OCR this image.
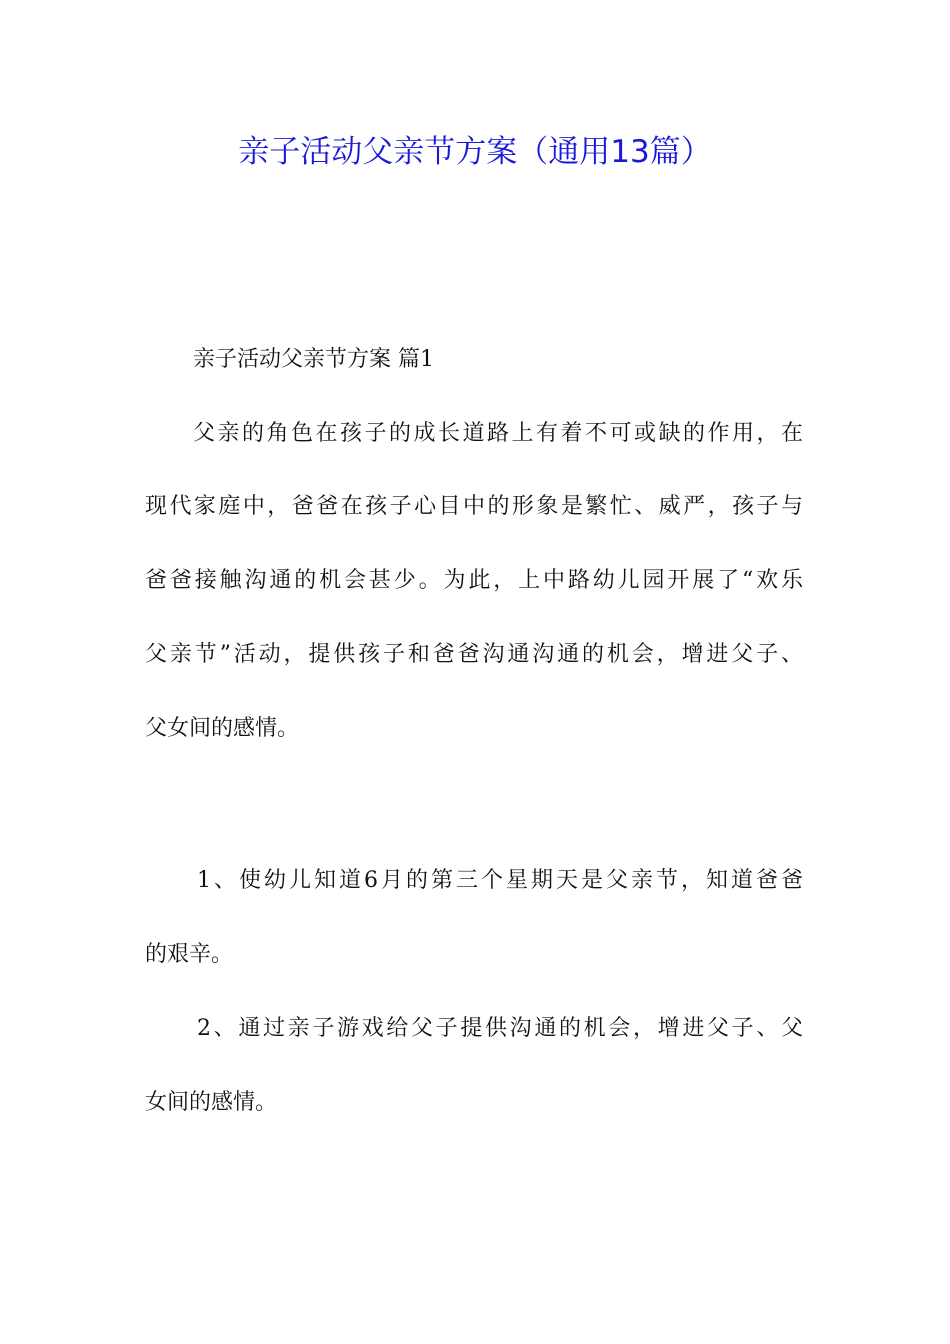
亲子活动父亲节方案（通用13篇）
亲子活动父亲节方案 篇1
父亲的角色在孩子的成长道路上有着不可或缺的作用，在
现代家庭中，爸爸在孩子心目中的形象是繁忙、威严，孩子与
爸爸接触沟通的机会甚少。为此，上中路幼儿园开展了“欢乐
父亲节”活动，提供孩子和爸爸沟通沟通的机会，增进父子、
父女间的感情。
1、使幼儿知道6月的第三个星期天是父亲节，知道爸爸
的艰辛。
2、通过亲子游戏给父子提供沟通的机会，增进父子、父
女间的感情。
